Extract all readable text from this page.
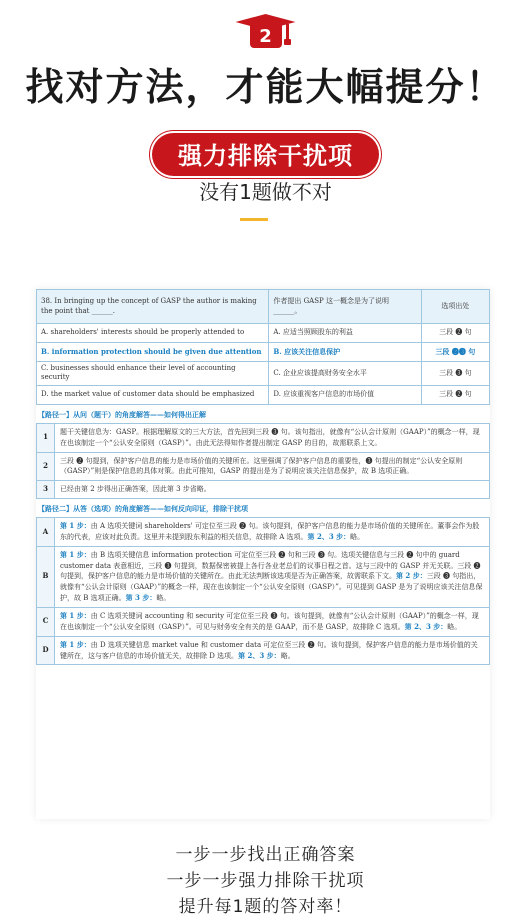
2
找对方法，才能大幅提分！
强力排除干扰项
没有1题做不对
38. In bringing up the concept of GASP the author is making the point that ______.	作者提出 GASP 这一概念是为了说明______。	选项出处
A. shareholders' interests should be properly attended to	A. 应适当照顾股东的利益	三段 ❷ 句
B. information protection should be given due attention	B. 应该关注信息保护	三段 ❷❸ 句
C. businesses should enhance their level of accounting security	C. 企业应该提高财务安全水平	三段 ❸ 句
D. the market value of customer data should be emphasized	D. 应该重视客户信息的市场价值	三段 ❷ 句
【路径一】从问（题干）的角度解答——如何得出正解
1	题干关键信息为：GASP。根据理解原文的三大方法，首先回到三段 ❸ 句。该句指出，就像有“公认会计原则（GAAP）”的概念一样，现在也该制定一个“公认安全原则（GASP）”。由此无法得知作者提出制定 GASP 的目的，故需联系上文。
2	三段 ❷ 句提到，保护客户信息的能力是市场价值的关键所在。这里强调了保护客户信息的重要性，❸ 句提出的制定“公认安全原则（GASP）”则是保护信息的具体对策。由此可推知，GASP 的提出是为了说明应该关注信息保护，故 B 选项正确。
3	已经由第 2 步得出正确答案，因此第 3 步省略。
【路径二】从答（选项）的角度解答——如何反向印证，排除干扰项
A	第 1 步：由 A 选项关键词 shareholders' 可定位至三段 ❷ 句。该句提到，保护客户信息的能力是市场价值的关键所在。董事会作为股东的代表，应该对此负责。这里并未提到股东利益的相关信息，故排除 A 选项。第 2、3 步：略。
B	第 1 步：由 B 选项关键信息 information protection 可定位至三段 ❷ 句和三段 ❸ 句。选项关键信息与三段 ❷ 句中的 guard customer data 表意相近，三段 ❸ 句提到，数据保密被提上各行各业老总们的议事日程之首。这与三段中的 GASP 并无关联。三段 ❷ 句提到，保护客户信息的能力是市场价值的关键所在。由此无法判断该选项是否为正确答案，故需联系下文。第 2 步：三段 ❸ 句指出，就像有“公认会计原则（GAAP）”的概念一样，现在也该制定一个“公认安全原则（GASP）”。可见提到 GASP 是为了说明应该关注信息保护，故 B 选项正确。第 3 步：略。
C	第 1 步：由 C 选项关键词 accounting 和 security 可定位至三段 ❸ 句。该句提到，就像有“公认会计原则（GAAP）”的概念一样，现在也该制定一个“公认安全原则（GASP）”。可见与财务安全有关的是 GAAP，而不是 GASP，故排除 C 选项。第 2、3 步：略。
D	第 1 步：由 D 选项关键信息 market value 和 customer data 可定位至三段 ❷ 句。该句提到，保护客户信息的能力是市场价值的关键所在，这与客户信息的市场价值无关，故排除 D 选项。第 2、3 步：略。
一步一步找出正确答案
一步一步强力排除干扰项
提升每1题的答对率！
